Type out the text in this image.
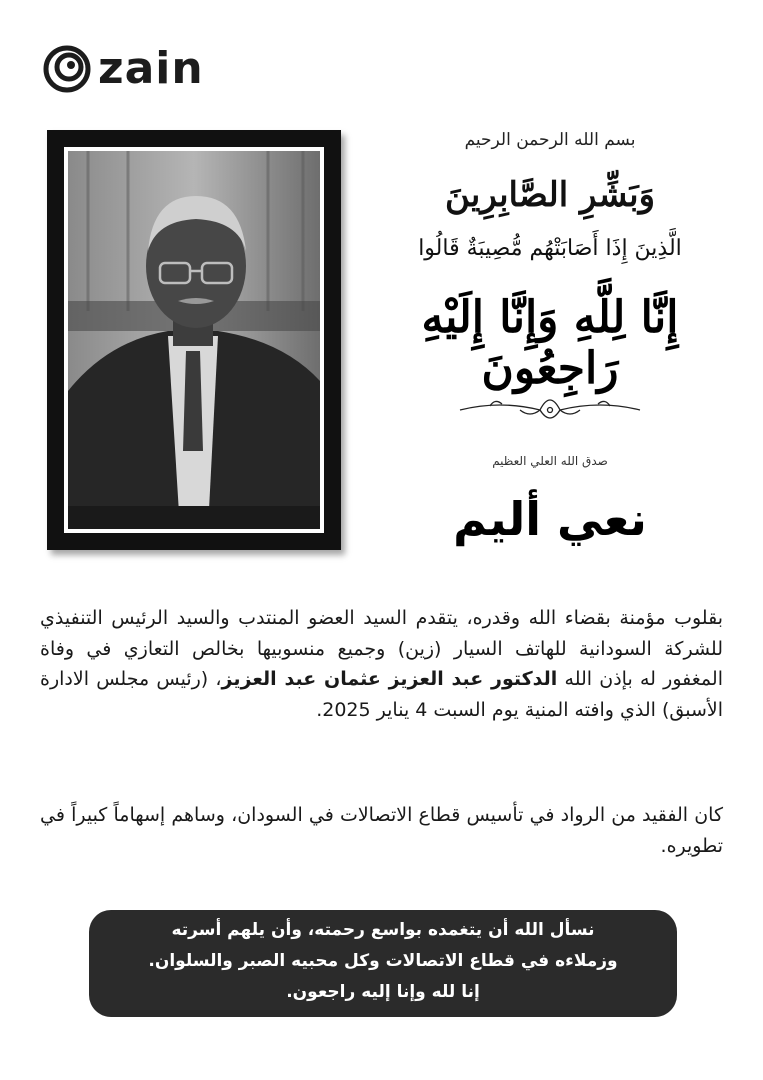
zain
بسم الله الرحمن الرحيم
وَبَشِّرِ الصَّابِرِينَ
الَّذِينَ إِذَا أَصَابَتْهُم مُّصِيبَةٌ قَالُوا
إِنَّا لِلَّهِ وَإِنَّا إِلَيْهِ رَاجِعُونَ
صدق الله العلي العظيم
نعي أليم
بقلوب مؤمنة بقضاء الله وقدره، يتقدم السيد العضو المنتدب والسيد الرئيس التنفيذي للشركة السودانية للهاتف السيار (زين) وجميع منسوبيها بخالص التعازي في وفاة المغفور له بإذن الله الدكتور عبد العزيز عثمان عبد العزيز، (رئيس مجلس الادارة الأسبق) الذي وافته المنية يوم السبت 4 يناير 2025.
كان الفقيد من الرواد في تأسيس قطاع الاتصالات في السودان، وساهم إسهاماً كبيراً في تطويره.
نسأل الله أن يتغمده بواسع رحمته، وأن يلهم أسرته
وزملاءه في قطاع الاتصالات وكل محبيه الصبر والسلوان.
إنا لله وإنا إليه راجعون.
